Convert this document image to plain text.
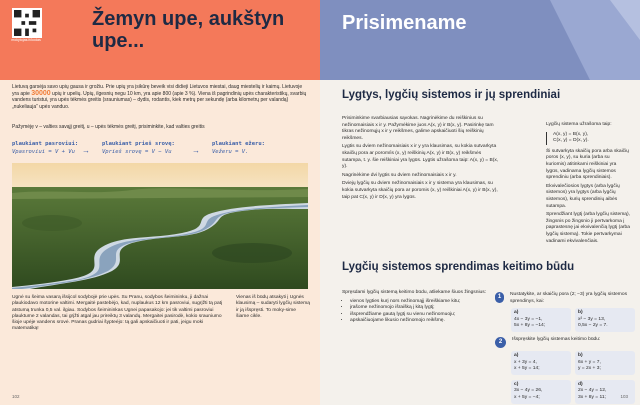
mokytojas.lt/kodas
Žemyn upe, aukštyn upe...
Lietuvą garsėja savo upių gausa ir grožiu. Prie upių yra įsikūrę beveik visi didieji Lietuvos miestai, daug miestelių ir kaimų. Lietuvoje yra apie 30000 upių ir upelių. Upių, ilgesnių negu 10 km, yra apie 800 (apie 3 %). Viena iš pagrindinių upės charakteristikų, svarbių vandens turistui, yra upės tėkmės greitis (srauniumas) – dydis, rodantis, kiek metrų per sekundę (arba kilometrų per valandą) „nukeliauja“ upės vanduo.
Pažymėję v – valties savąjį greitį, u – upės tėkmės greitį, prisiminkite, kad valties greitis
plaukiant pasroviui:
Vpasroviui = V + Vu →
plaukiant prieš srovę:
Vprieš srovę = V − Vu	→
plaukiant ežeru:
Vežeru = V.
Ugnė su šeima vasarą išsijcol sodybojė prie upės. Su Pranu, sodybos šeimininku, ji dažnai plaukiodavo motorine valtimi. Mergaitė pastebėjo, kad, nuplaukus 12 km pasroviui, sugrįžti tą patį atstumą trunka 0,5 val. ilgiau. Sodybos šeimininkas Ugnei papasakojo: jei tik valtimi pasroviui plauktume 2 valandas, tai grįžti atgal jau prireiktų 3 valandų. Mergaitei pasirodė, kokio srauniumo šioje upėje vandens srovė. Pranas gudriai šypteėjo: tą gali apskaičiuoti ir pati, jeigu moki matematiką!
Vienas iš būdų atsakyti į Ugnės klausimą – sudaryti lygčių sistemą ir ją išspręsti. To moky-sime šiame cikle.
102
Prisimename
Lygtys, lygčių sistemos ir jų sprendiniai

Prisiminkime svarbiausias sąvokas. Nagrinėkime du reiškinius su nežinomaisiais x ir y. Pažymėkime juos A(x, y) ir B(x, y). Pasirinkę tam tikras nežinomųjų x ir y reikšmes, galime apskaičiuoti šių reiškinių reikšmes.

Lygtis su dviem nežinomaisiais x ir y yra klausimas, su kokia sutvarkyta skaičių pora ar porom/is (x, y) reiškinių A(x, y) ir B(x, y) reikšmės sutampa, t. y. šie reiškiniai yra lygūs. Lygtis užrašoma taip: A(x, y) = B(x, y).

Nagrinėkime dvi lygtis su dviem nežinomaisiais x ir y.

Dviejų lygčių su dviem nežinomaisiais x ir y sistema yra klausimas, su kokia sutvarkyta skaičių pora ar poromis (x, y) reiškiniai A(x, y) ir B(x, y), taip pat C(x, y) ir D(x, y) yra lygūs.

Lygčių sistema užrašoma taip:
A(x, y) = B(x, y),
C(x, y) = D(x, y).

Ši sutvarkyta skaičių pora arba skaičių poros (x, y), su kuria (arba su kuriomis) atitinkami reiškiniai yra lygūs, vadinama lygčių sistemos sprendiniu (arba sprendiniais).

Ekvivalečiosios lygtys (arba lygčių sistemos) yra lygtys (arba lygčių sistemos), kurių sprendinių aibės sutampa.

Sprendžiant lygtį (arba lygčių sistemą), žingsnis po žingsnio ji pertvarkoma į paprastesnę jai ekvivalenčią lygtį (arba lygčių sistemą). Tokie pertvarkymai vadinami ekvivalenčiais.

Lygčių sistemos sprendimas keitimo būdu
Spręsdami lygčių sistemą keitimo būdu, atliekame šiuos žingsnius:
• vienos lygties kurį nors nežinomąjį išreiškiame kitu;
• įrašome nežinomojo išraišką į kitą lygtį;
• išsprendžiame gautą lygtį su vienu nežinomuoju;
• apskaičiuojame likusio nežinomojo reikšmę.
1	Nustatykite, ar skaičių pora (2; −3) yra lygčių sistemos sprendinys, kai:
a)
4x − 3y = −1,
5x + 8y = −14;
b)
x² − 3y = 13,
0,5x − 2y = 7.
2	Išspręskite lygčių sistemas keitimo būdu:
a)
x + 3y = 4,
x + 5y = 14;
b)
6x + y = 7,
y = 2x + 3;
c)
3x − 4y = 26,
x + 5y = −4;
d)
2x − 4y = 12,
3x + 8y = 11;	103
